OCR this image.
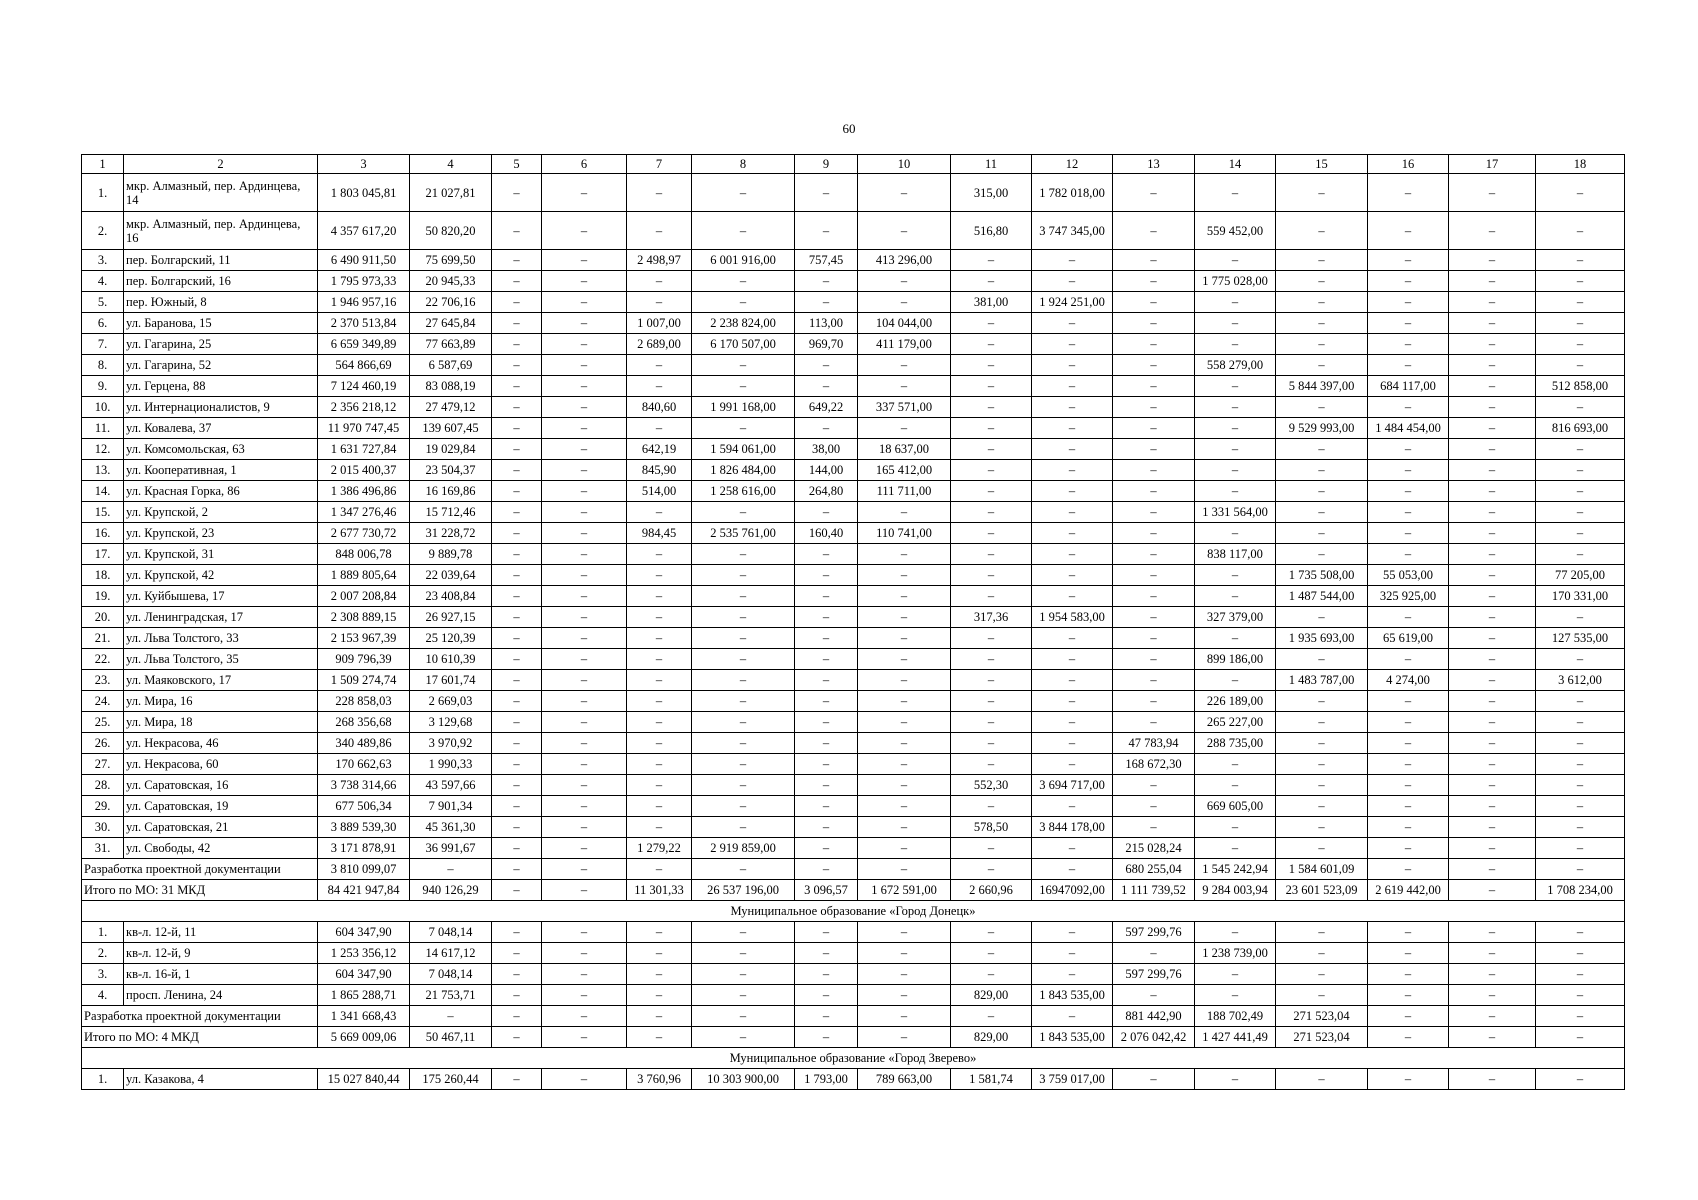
60
1	2	3	4	5	6	7	8	9	10	11	12	13	14	15	16	17	18
1.	мкр. Алмазный, пер. Ардинцева, 14	1 803 045,81	21 027,81	–	–	–	–	–	–	315,00	1 782 018,00	–	–	–	–	–	–
2.	мкр. Алмазный, пер. Ардинцева, 16	4 357 617,20	50 820,20	–	–	–	–	–	–	516,80	3 747 345,00	–	559 452,00	–	–	–	–
3.	пер. Болгарский, 11	6 490 911,50	75 699,50	–	–	2 498,97	6 001 916,00	757,45	413 296,00	–	–	–	–	–	–	–	–
4.	пер. Болгарский, 16	1 795 973,33	20 945,33	–	–	–	–	–	–	–	–	–	1 775 028,00	–	–	–	–
5.	пер. Южный, 8	1 946 957,16	22 706,16	–	–	–	–	–	–	381,00	1 924 251,00	–	–	–	–	–	–
6.	ул. Баранова, 15	2 370 513,84	27 645,84	–	–	1 007,00	2 238 824,00	113,00	104 044,00	–	–	–	–	–	–	–	–
7.	ул. Гагарина, 25	6 659 349,89	77 663,89	–	–	2 689,00	6 170 507,00	969,70	411 179,00	–	–	–	–	–	–	–	–
8.	ул. Гагарина, 52	564 866,69	6 587,69	–	–	–	–	–	–	–	–	–	558 279,00	–	–	–	–
9.	ул. Герцена, 88	7 124 460,19	83 088,19	–	–	–	–	–	–	–	–	–	–	5 844 397,00	684 117,00	–	512 858,00
10.	ул. Интернационалистов, 9	2 356 218,12	27 479,12	–	–	840,60	1 991 168,00	649,22	337 571,00	–	–	–	–	–	–	–	–
11.	ул. Ковалева, 37	11 970 747,45	139 607,45	–	–	–	–	–	–	–	–	–	–	9 529 993,00	1 484 454,00	–	816 693,00
12.	ул. Комсомольская, 63	1 631 727,84	19 029,84	–	–	642,19	1 594 061,00	38,00	18 637,00	–	–	–	–	–	–	–	–
13.	ул. Кооперативная, 1	2 015 400,37	23 504,37	–	–	845,90	1 826 484,00	144,00	165 412,00	–	–	–	–	–	–	–	–
14.	ул. Красная Горка, 86	1 386 496,86	16 169,86	–	–	514,00	1 258 616,00	264,80	111 711,00	–	–	–	–	–	–	–	–
15.	ул. Крупской, 2	1 347 276,46	15 712,46	–	–	–	–	–	–	–	–	–	1 331 564,00	–	–	–	–
16.	ул. Крупской, 23	2 677 730,72	31 228,72	–	–	984,45	2 535 761,00	160,40	110 741,00	–	–	–	–	–	–	–	–
17.	ул. Крупской, 31	848 006,78	9 889,78	–	–	–	–	–	–	–	–	–	838 117,00	–	–	–	–
18.	ул. Крупской, 42	1 889 805,64	22 039,64	–	–	–	–	–	–	–	–	–	–	1 735 508,00	55 053,00	–	77 205,00
19.	ул. Куйбышева, 17	2 007 208,84	23 408,84	–	–	–	–	–	–	–	–	–	–	1 487 544,00	325 925,00	–	170 331,00
20.	ул. Ленинградская, 17	2 308 889,15	26 927,15	–	–	–	–	–	–	317,36	1 954 583,00	–	327 379,00	–	–	–	–
21.	ул. Льва Толстого, 33	2 153 967,39	25 120,39	–	–	–	–	–	–	–	–	–	–	1 935 693,00	65 619,00	–	127 535,00
22.	ул. Льва Толстого, 35	909 796,39	10 610,39	–	–	–	–	–	–	–	–	–	899 186,00	–	–	–	–
23.	ул. Маяковского, 17	1 509 274,74	17 601,74	–	–	–	–	–	–	–	–	–	–	1 483 787,00	4 274,00	–	3 612,00
24.	ул. Мира, 16	228 858,03	2 669,03	–	–	–	–	–	–	–	–	–	226 189,00	–	–	–	–
25.	ул. Мира, 18	268 356,68	3 129,68	–	–	–	–	–	–	–	–	–	265 227,00	–	–	–	–
26.	ул. Некрасова, 46	340 489,86	3 970,92	–	–	–	–	–	–	–	–	47 783,94	288 735,00	–	–	–	–
27.	ул. Некрасова, 60	170 662,63	1 990,33	–	–	–	–	–	–	–	–	168 672,30	–	–	–	–	–
28.	ул. Саратовская, 16	3 738 314,66	43 597,66	–	–	–	–	–	–	552,30	3 694 717,00	–	–	–	–	–	–
29.	ул. Саратовская, 19	677 506,34	7 901,34	–	–	–	–	–	–	–	–	–	669 605,00	–	–	–	–
30.	ул. Саратовская, 21	3 889 539,30	45 361,30	–	–	–	–	–	–	578,50	3 844 178,00	–	–	–	–	–	–
31.	ул. Свободы, 42	3 171 878,91	36 991,67	–	–	1 279,22	2 919 859,00	–	–	–	–	215 028,24	–	–	–	–	–
Разработка проектной документации		3 810 099,07	–	–	–	–	–	–	–	–	–	680 255,04	1 545 242,94	1 584 601,09	–	–	–
Итого по МО: 31 МКД		84 421 947,84	940 126,29	–	–	11 301,33	26 537 196,00	3 096,57	1 672 591,00	2 660,96	16947092,00	1 111 739,52	9 284 003,94	23 601 523,09	2 619 442,00	–	1 708 234,00
Муниципальное образование «Город Донецк»																	
1.	кв-л. 12-й, 11	604 347,90	7 048,14	–	–	–	–	–	–	–	–	597 299,76	–	–	–	–	–
2.	кв-л. 12-й, 9	1 253 356,12	14 617,12	–	–	–	–	–	–	–	–	–	1 238 739,00	–	–	–	–
3.	кв-л. 16-й, 1	604 347,90	7 048,14	–	–	–	–	–	–	–	–	597 299,76	–	–	–	–	–
4.	просп. Ленина, 24	1 865 288,71	21 753,71	–	–	–	–	–	–	829,00	1 843 535,00	–	–	–	–	–	–
Разработка проектной документации		1 341 668,43	–	–	–	–	–	–	–	–	–	881 442,90	188 702,49	271 523,04	–	–	–
Итого по МО: 4 МКД		5 669 009,06	50 467,11	–	–	–	–	–	–	829,00	1 843 535,00	2 076 042,42	1 427 441,49	271 523,04	–	–	–
Муниципальное образование «Город Зверево»																	
1.	ул. Казакова, 4	15 027 840,44	175 260,44	–	–	3 760,96	10 303 900,00	1 793,00	789 663,00	1 581,74	3 759 017,00	–	–	–	–	–	–
